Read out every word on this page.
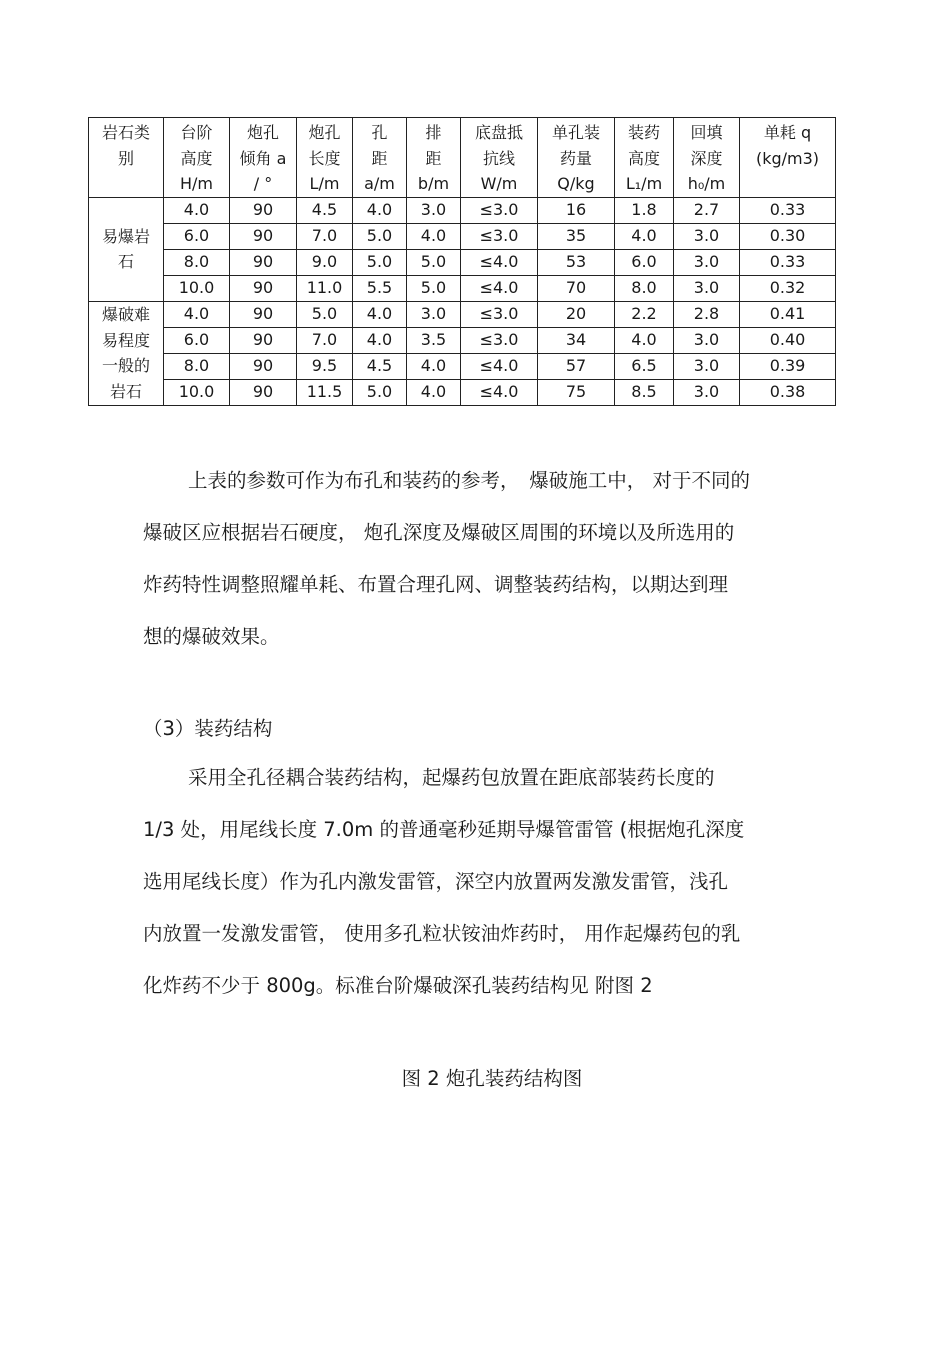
岩石类
别	台阶
高度
H/m	炮孔
倾角 a
/ °	炮孔
长度
L/m	孔
距
a/m	排
距
b/m	底盘抵
抗线
W/m	单孔装
药量
Q/kg	装药
高度
L₁/m	回填
深度
h₀/m	单耗 q
(kg/m3)

易爆岩
石	4.0	90	4.5	4.0	3.0	≤3.0	16	1.8	2.7	0.33
	6.0	90	7.0	5.0	4.0	≤3.0	35	4.0	3.0	0.30
	8.0	90	9.0	5.0	5.0	≤4.0	53	6.0	3.0	0.33
	10.0	90	11.0	5.5	5.0	≤4.0	70	8.0	3.0	0.32

爆破难
易程度
一般的
岩石	4.0	90	5.0	4.0	3.0	≤3.0	20	2.2	2.8	0.41
	6.0	90	7.0	4.0	3.5	≤3.0	34	4.0	3.0	0.40
	8.0	90	9.5	4.5	4.0	≤4.0	57	6.5	3.0	0.39
	10.0	90	11.5	5.0	4.0	≤4.0	75	8.5	3.0	0.38
上表的参数可作为布孔和装药的参考，　爆破施工中， 对于不同的
爆破区应根据岩石硬度， 炮孔深度及爆破区周围的环境以及所选用的
炸药特性调整照耀单耗、布置合理孔网、调整装药结构，以期达到理
想的爆破效果。

（3）装药结构

采用全孔径耦合装药结构，起爆药包放置在距底部装药长度的
1/3 处，用尾线长度 7.0m 的普通毫秒延期导爆管雷管 (根据炮孔深度
选用尾线长度）作为孔内激发雷管，深空内放置两发激发雷管，浅孔
内放置一发激发雷管， 使用多孔粒状铵油炸药时， 用作起爆药包的乳
化炸药不少于 800g。标准台阶爆破深孔装药结构见 附图 2

图 2 炮孔装药结构图
